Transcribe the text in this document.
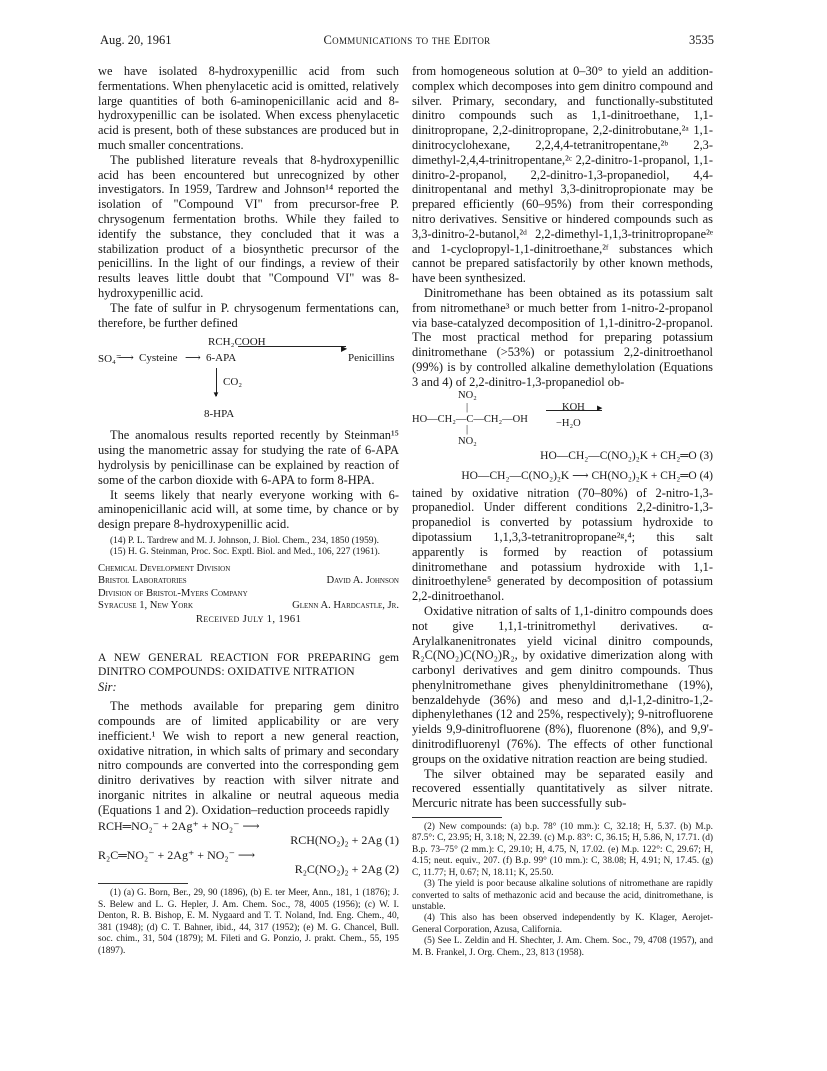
Aug. 20, 1961	Communications to the Editor	3535

we have isolated 8-hydroxypenillic acid from such fermentations. When phenylacetic acid is omitted, relatively large quantities of both 6-aminopenicillanic acid and 8-hydroxypenillic can be isolated. When excess phenylacetic acid is present, both of these substances are produced but in much smaller concentrations.

The published literature reveals that 8-hydroxypenillic acid has been encountered but unrecognized by other investigators. In 1959, Tardrew and Johnson¹⁴ reported the isolation of "Compound VI" from precursor-free P. chrysogenum fermentation broths. While they failed to identify the substance, they concluded that it was a stabilization product of a biosynthetic precursor of the penicillins. In the light of our findings, a review of their results leaves little doubt that "Compound VI" was 8-hydroxypenillic acid.

The fate of sulfur in P. chrysogenum fermentations can, therefore, be further defined

RCH₂COOH
SO₄⁼
⟶ Cysteine ⟶ 6-APA
▶
Penicillins
▼
CO₂
8-HPA

The anomalous results reported recently by Steinman¹⁵ using the manometric assay for studying the rate of 6-APA hydrolysis by penicillinase can be explained by reaction of some of the carbon dioxide with 6-APA to form 8-HPA.

It seems likely that nearly everyone working with 6-aminopenicillanic acid will, at some time, by chance or by design prepare 8-hydroxypenillic acid.

(14) P. L. Tardrew and M. J. Johnson, J. Biol. Chem., 234, 1850 (1959).

(15) H. G. Steinman, Proc. Soc. Exptl. Biol. and Med., 106, 227 (1961).

Chemical Development Division
Bristol Laboratories	David A. Johnson
Division of Bristol-Myers Company
Syracuse 1, New York	Glenn A. Hardcastle, Jr.

Received July 1, 1961

A NEW GENERAL REACTION FOR PREPARING gem DINITRO COMPOUNDS: OXIDATIVE NITRATION

Sir:

The methods available for preparing gem dinitro compounds are of limited applicability or are very inefficient.¹ We wish to report a new general reaction, oxidative nitration, in which salts of primary and secondary nitro compounds are converted into the corresponding gem dinitro derivatives by reaction with silver nitrate and inorganic nitrites in alkaline or neutral aqueous media (Equations 1 and 2). Oxidation–reduction proceeds rapidly

RCH═NO₂⁻ + 2Ag⁺ + NO₂⁻ ⟶
RCH(NO₂)₂ + 2Ag (1)
R₂C═NO₂⁻ + 2Ag⁺ + NO₂⁻ ⟶
R₂C(NO₂)₂ + 2Ag (2)

(1) (a) G. Born, Ber., 29, 90 (1896), (b) E. ter Meer, Ann., 181, 1 (1876); J. S. Belew and L. G. Hepler, J. Am. Chem. Soc., 78, 4005 (1956); (c) W. I. Denton, R. B. Bishop, E. M. Nygaard and T. T. Noland, Ind. Eng. Chem., 40, 381 (1948); (d) C. T. Bahner, ibid., 44, 317 (1952); (e) M. G. Chancel, Bull. soc. chim., 31, 504 (1879); M. Fileti and G. Ponzio, J. prakt. Chem., 55, 195 (1897).

from homogeneous solution at 0–30° to yield an addition-complex which decomposes into gem dinitro compound and silver. Primary, secondary, and functionally-substituted dinitro compounds such as 1,1-dinitroethane, 1,1-dinitropropane, 2,2-dinitropropane, 2,2-dinitrobutane,²ᵃ 1,1-dinitrocyclohexane, 2,2,4,4-tetranitropentane,²ᵇ 2,3-dimethyl-2,4,4-trinitropentane,²ᶜ 2,2-dinitro-1-propanol, 1,1-dinitro-2-propanol, 2,2-dinitro-1,3-propanediol, 4,4-dinitropentanal and methyl 3,3-dinitropropionate may be prepared efficiently (60–95%) from their corresponding nitro derivatives. Sensitive or hindered compounds such as 3,3-dinitro-2-butanol,²ᵈ 2,2-dimethyl-1,1,3-trinitropropane²ᵉ and 1-cyclopropyl-1,1-dinitroethane,²ᶠ substances which cannot be prepared satisfactorily by other known methods, have been synthesized.

Dinitromethane has been obtained as its potassium salt from nitromethane³ or much better from 1-nitro-2-propanol via base-catalyzed decomposition of 1,1-dinitro-2-propanol. The most practical method for preparing potassium dinitromethane (>53%) or potassium 2,2-dinitroethanol (99%) is by controlled alkaline demethylolation (Equations 3 and 4) of 2,2-dinitro-1,3-propanediol ob-

NO₂
|
HO—CH₂—C—CH₂—OH
|
NO₂
KOH ▶
−H₂O
HO—CH₂—C(NO₂)₂K + CH₂═O (3)
HO—CH₂—C(NO₂)₂K ⟶ CH(NO₂)₂K + CH₂═O (4)

tained by oxidative nitration (70–80%) of 2-nitro-1,3-propanediol. Under different conditions 2,2-dinitro-1,3-propanediol is converted by potassium hydroxide to dipotassium 1,1,3,3-tetranitropropane²ᵍ,⁴; this salt apparently is formed by reaction of potassium dinitromethane and potassium hydroxide with 1,1-dinitroethylene⁵ generated by decomposition of potassium 2,2-dinitroethanol.

Oxidative nitration of salts of 1,1-dinitro compounds does not give 1,1,1-trinitromethyl derivatives. α-Arylalkanenitronates yield vicinal dinitro compounds, R₂C(NO₂)C(NO₂)R₂, by oxidative dimerization along with carbonyl derivatives and gem dinitro compounds. Thus phenylnitromethane gives phenyldinitromethane (19%), benzaldehyde (36%) and meso and d,l-1,2-dinitro-1,2-diphenylethanes (12 and 25%, respectively); 9-nitrofluorene yields 9,9-dinitrofluorene (8%), fluorenone (8%), and 9,9'-dinitrodifluorenyl (76%). The effects of other functional groups on the oxidative nitration reaction are being studied.

The silver obtained may be separated easily and recovered essentially quantitatively as silver nitrate. Mercuric nitrate has been successfully sub-

(2) New compounds: (a) b.p. 78° (10 mm.): C, 32.18; H, 5.37. (b) M.p. 87.5°: C, 23.95; H, 3.18; N, 22.39. (c) M.p. 83°: C, 36.15; H, 5.86, N, 17.71. (d) B.p. 73–75° (2 mm.): C, 29.10; H, 4.75, N, 17.02. (e) M.p. 122°: C, 29.67; H, 4.15; neut. equiv., 207. (f) B.p. 99° (10 mm.): C, 38.08; H, 4.91; N, 17.45. (g) C, 11.77; H, 0.67; N, 18.11; K, 25.50.

(3) The yield is poor because alkaline solutions of nitromethane are rapidly converted to salts of methazonic acid and because the acid, dinitromethane, is unstable.

(4) This also has been observed independently by K. Klager, Aerojet-General Corporation, Azusa, California.

(5) See L. Zeldin and H. Shechter, J. Am. Chem. Soc., 79, 4708 (1957), and M. B. Frankel, J. Org. Chem., 23, 813 (1958).
